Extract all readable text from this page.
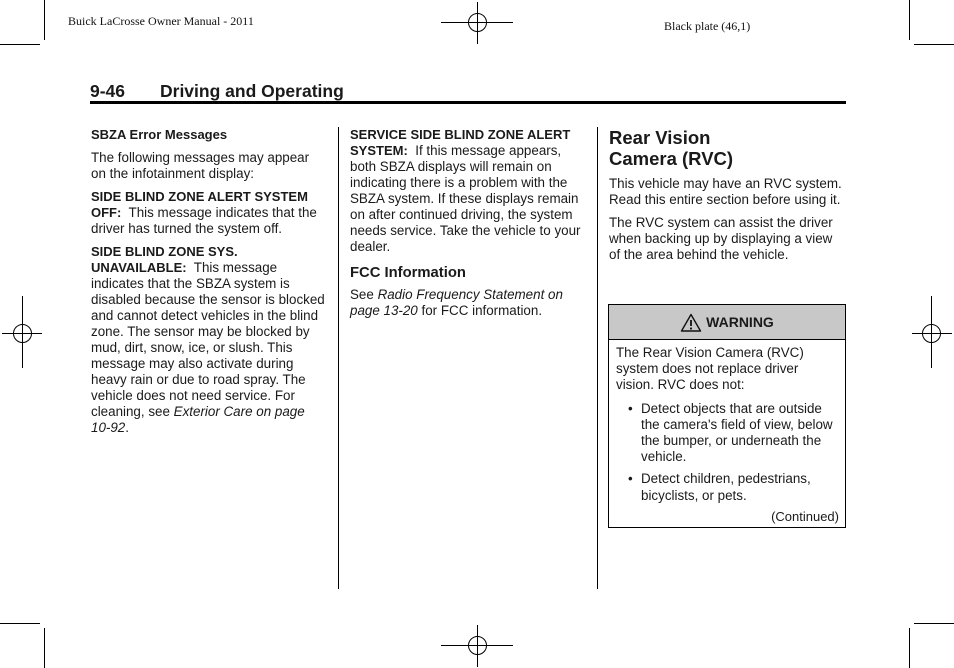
Buick LaCrosse Owner Manual - 2011	Black plate (46,1)
9-46 Driving and Operating
SBZA Error Messages

The following messages may appear on the infotainment display:

SIDE BLIND ZONE ALERT SYSTEM OFF: This message indicates that the driver has turned the system off.

SIDE BLIND ZONE SYS. UNAVAILABLE: This message indicates that the SBZA system is disabled because the sensor is blocked and cannot detect vehicles in the blind zone. The sensor may be blocked by mud, dirt, snow, ice, or slush. This message may also activate during heavy rain or due to road spray. The vehicle does not need service. For cleaning, see Exterior Care on page 10-92.

SERVICE SIDE BLIND ZONE ALERT SYSTEM: If this message appears, both SBZA displays will remain on indicating there is a problem with the SBZA system. If these displays remain on after continued driving, the system needs service. Take the vehicle to your dealer.

FCC Information

See Radio Frequency Statement on page 13-20 for FCC information.

Rear Vision
Camera (RVC)

This vehicle may have an RVC system. Read this entire section before using it.

The RVC system can assist the driver when backing up by displaying a view of the area behind the vehicle.

WARNING

The Rear Vision Camera (RVC) system does not replace driver vision. RVC does not:

• Detect objects that are outside the camera's field of view, below the bumper, or underneath the vehicle.
• Detect children, pedestrians, bicyclists, or pets.
(Continued)
